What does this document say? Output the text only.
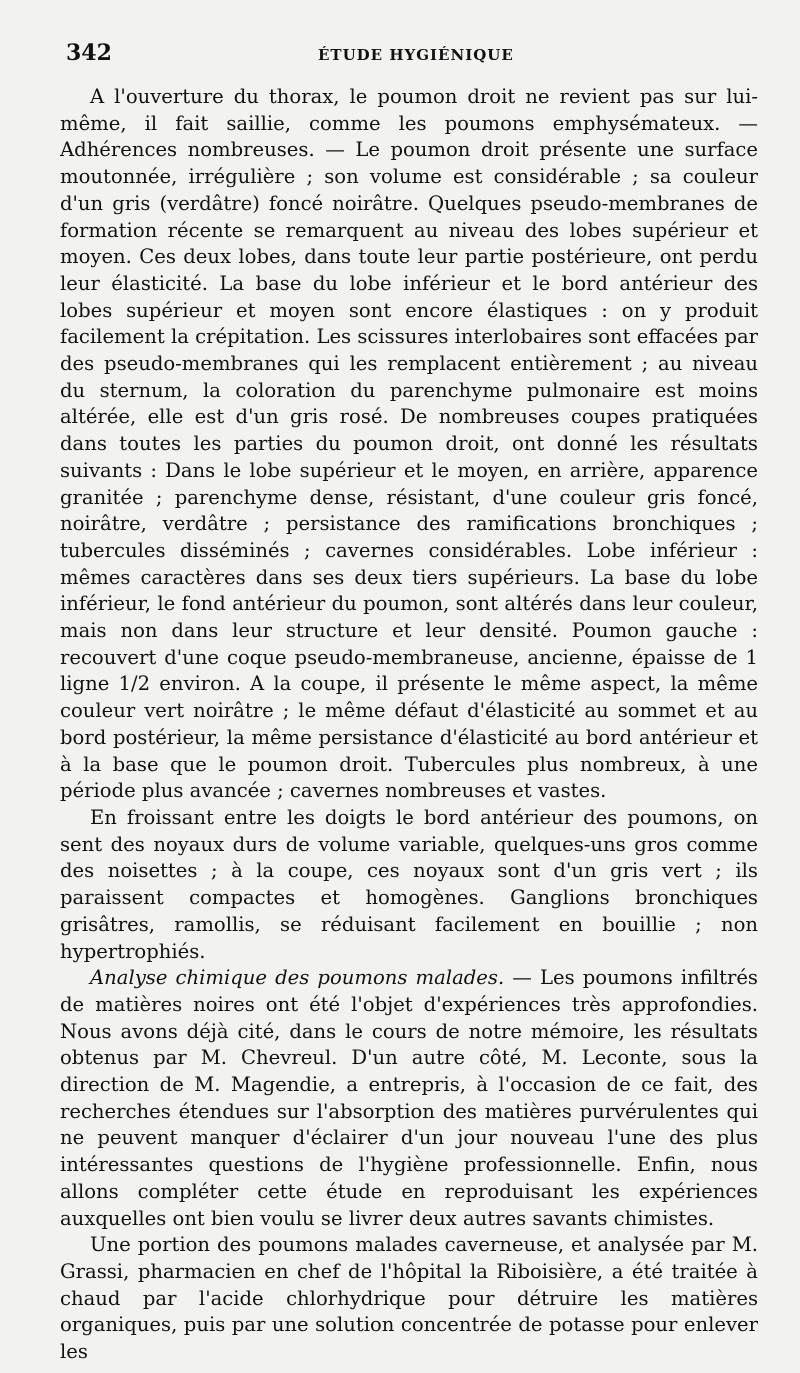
342	ÉTUDE HYGIÉNIQUE

A l'ouverture du thorax, le poumon droit ne revient pas sur lui-même, il fait saillie, comme les poumons emphysémateux. — Adhérences nombreuses. — Le poumon droit présente une surface moutonnée, irrégulière ; son volume est considérable ; sa couleur d'un gris (verdâtre) foncé noirâtre. Quelques pseudo-membranes de formation récente se remarquent au niveau des lobes supérieur et moyen. Ces deux lobes, dans toute leur partie postérieure, ont perdu leur élasticité. La base du lobe inférieur et le bord antérieur des lobes supérieur et moyen sont encore élastiques : on y produit facilement la crépitation. Les scissures interlobaires sont effacées par des pseudo-membranes qui les remplacent entièrement ; au niveau du sternum, la coloration du parenchyme pulmonaire est moins altérée, elle est d'un gris rosé. De nombreuses coupes pratiquées dans toutes les parties du poumon droit, ont donné les résultats suivants : Dans le lobe supérieur et le moyen, en arrière, apparence granitée ; parenchyme dense, résistant, d'une couleur gris foncé, noirâtre, verdâtre ; persistance des ramifications bronchiques ; tubercules disséminés ; cavernes considérables. Lobe inférieur : mêmes caractères dans ses deux tiers supérieurs. La base du lobe inférieur, le fond antérieur du poumon, sont altérés dans leur couleur, mais non dans leur structure et leur densité. Poumon gauche : recouvert d'une coque pseudo-membraneuse, ancienne, épaisse de 1 ligne 1/2 environ. A la coupe, il présente le même aspect, la même couleur vert noirâtre ; le même défaut d'élasticité au sommet et au bord postérieur, la même persistance d'élasticité au bord antérieur et à la base que le poumon droit. Tubercules plus nombreux, à une période plus avancée ; cavernes nombreuses et vastes.

En froissant entre les doigts le bord antérieur des poumons, on sent des noyaux durs de volume variable, quelques-uns gros comme des noisettes ; à la coupe, ces noyaux sont d'un gris vert ; ils paraissent compactes et homogènes. Ganglions bronchiques grisâtres, ramollis, se réduisant facilement en bouillie ; non hypertrophiés.

Analyse chimique des poumons malades. — Les poumons infiltrés de matières noires ont été l'objet d'expériences très approfondies. Nous avons déjà cité, dans le cours de notre mémoire, les résultats obtenus par M. Chevreul. D'un autre côté, M. Leconte, sous la direction de M. Magendie, a entrepris, à l'occasion de ce fait, des recherches étendues sur l'absorption des matières purvérulentes qui ne peuvent manquer d'éclairer d'un jour nouveau l'une des plus intéressantes questions de l'hygiène professionnelle. Enfin, nous allons compléter cette étude en reproduisant les expériences auxquelles ont bien voulu se livrer deux autres savants chimistes.

Une portion des poumons malades caverneuse, et analysée par M. Grassi, pharmacien en chef de l'hôpital la Riboisière, a été traitée à chaud par l'acide chlorhydrique pour détruire les matières organiques, puis par une solution concentrée de potasse pour enlever les
